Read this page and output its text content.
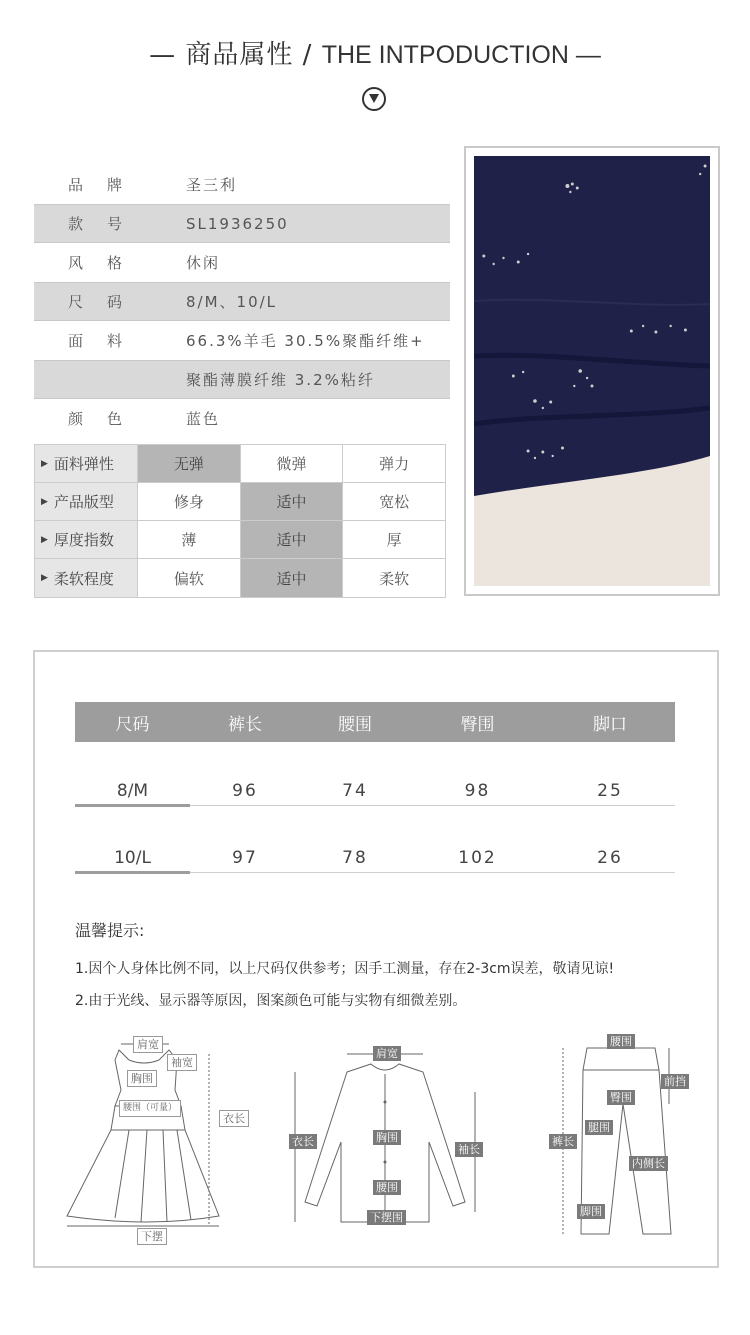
— 商品属性 / THE INTPODUCTION —
品牌	圣三利
款号	SL1936250
风格	休闲
尺码	8/M、10/L
面料	66.3%羊毛 30.5%聚酯纤维+
聚酯薄膜纤维 3.2%粘纤
颜色	蓝色
▶ 面料弹性	无弹	微弹	弹力
▶ 产品版型	修身	适中	宽松
▶ 厚度指数	薄	适中	厚
▶ 柔软程度	偏软	适中	柔软
尺码	裤长	腰围	臀围	脚口
8/M	96	74	98	25
10/L	97	78	102	26
温馨提示:
1.因个人身体比例不同，以上尺码仅供参考；因手工测量，存在2-3cm误差，敬请见谅!
2.由于光线、显示器等原因，图案颜色可能与实物有细微差别。
肩宽
胸围
袖宽
腰围（可量）
衣长
下摆
肩宽
衣长	胸围
袖长
腰围
下摆围
腰围
前挡
臀围
腿围
裤长
内侧长
脚围
